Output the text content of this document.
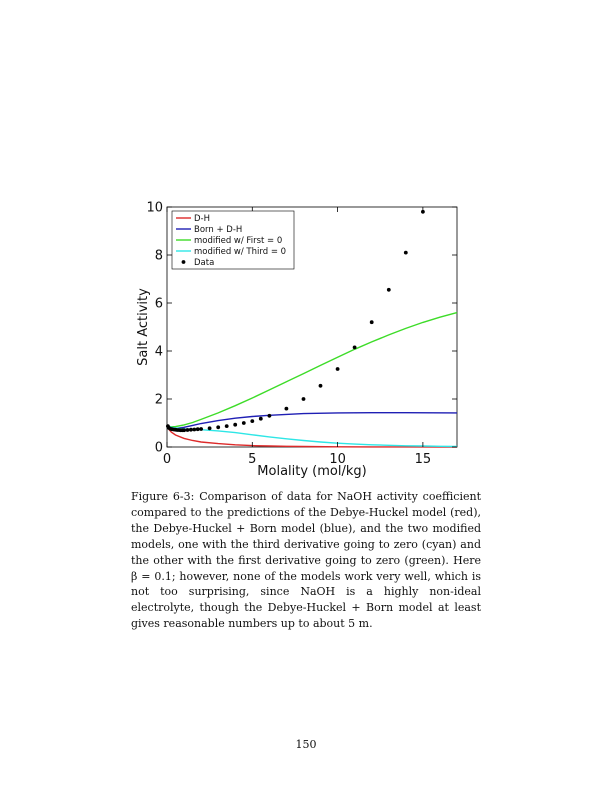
0	5	10	15
0
2
4
6
8
10
Molality (mol/kg)
Salt Activity
D-H
Born + D-H
modified w/ First = 0
modified w/ Third = 0
Data

Figure 6-3: Comparison of data for NaOH activity coefficient compared to the predictions of the Debye-Huckel model (red), the Debye-Huckel + Born model (blue), and the two modified models, one with the third derivative going to zero (cyan) and the other with the first derivative going to zero (green). Here β = 0.1; however, none of the models work very well, which is not too surprising, since NaOH is a highly non-ideal electrolyte, though the Debye-Huckel + Born model at least gives reasonable numbers up to about 5 m.

150
